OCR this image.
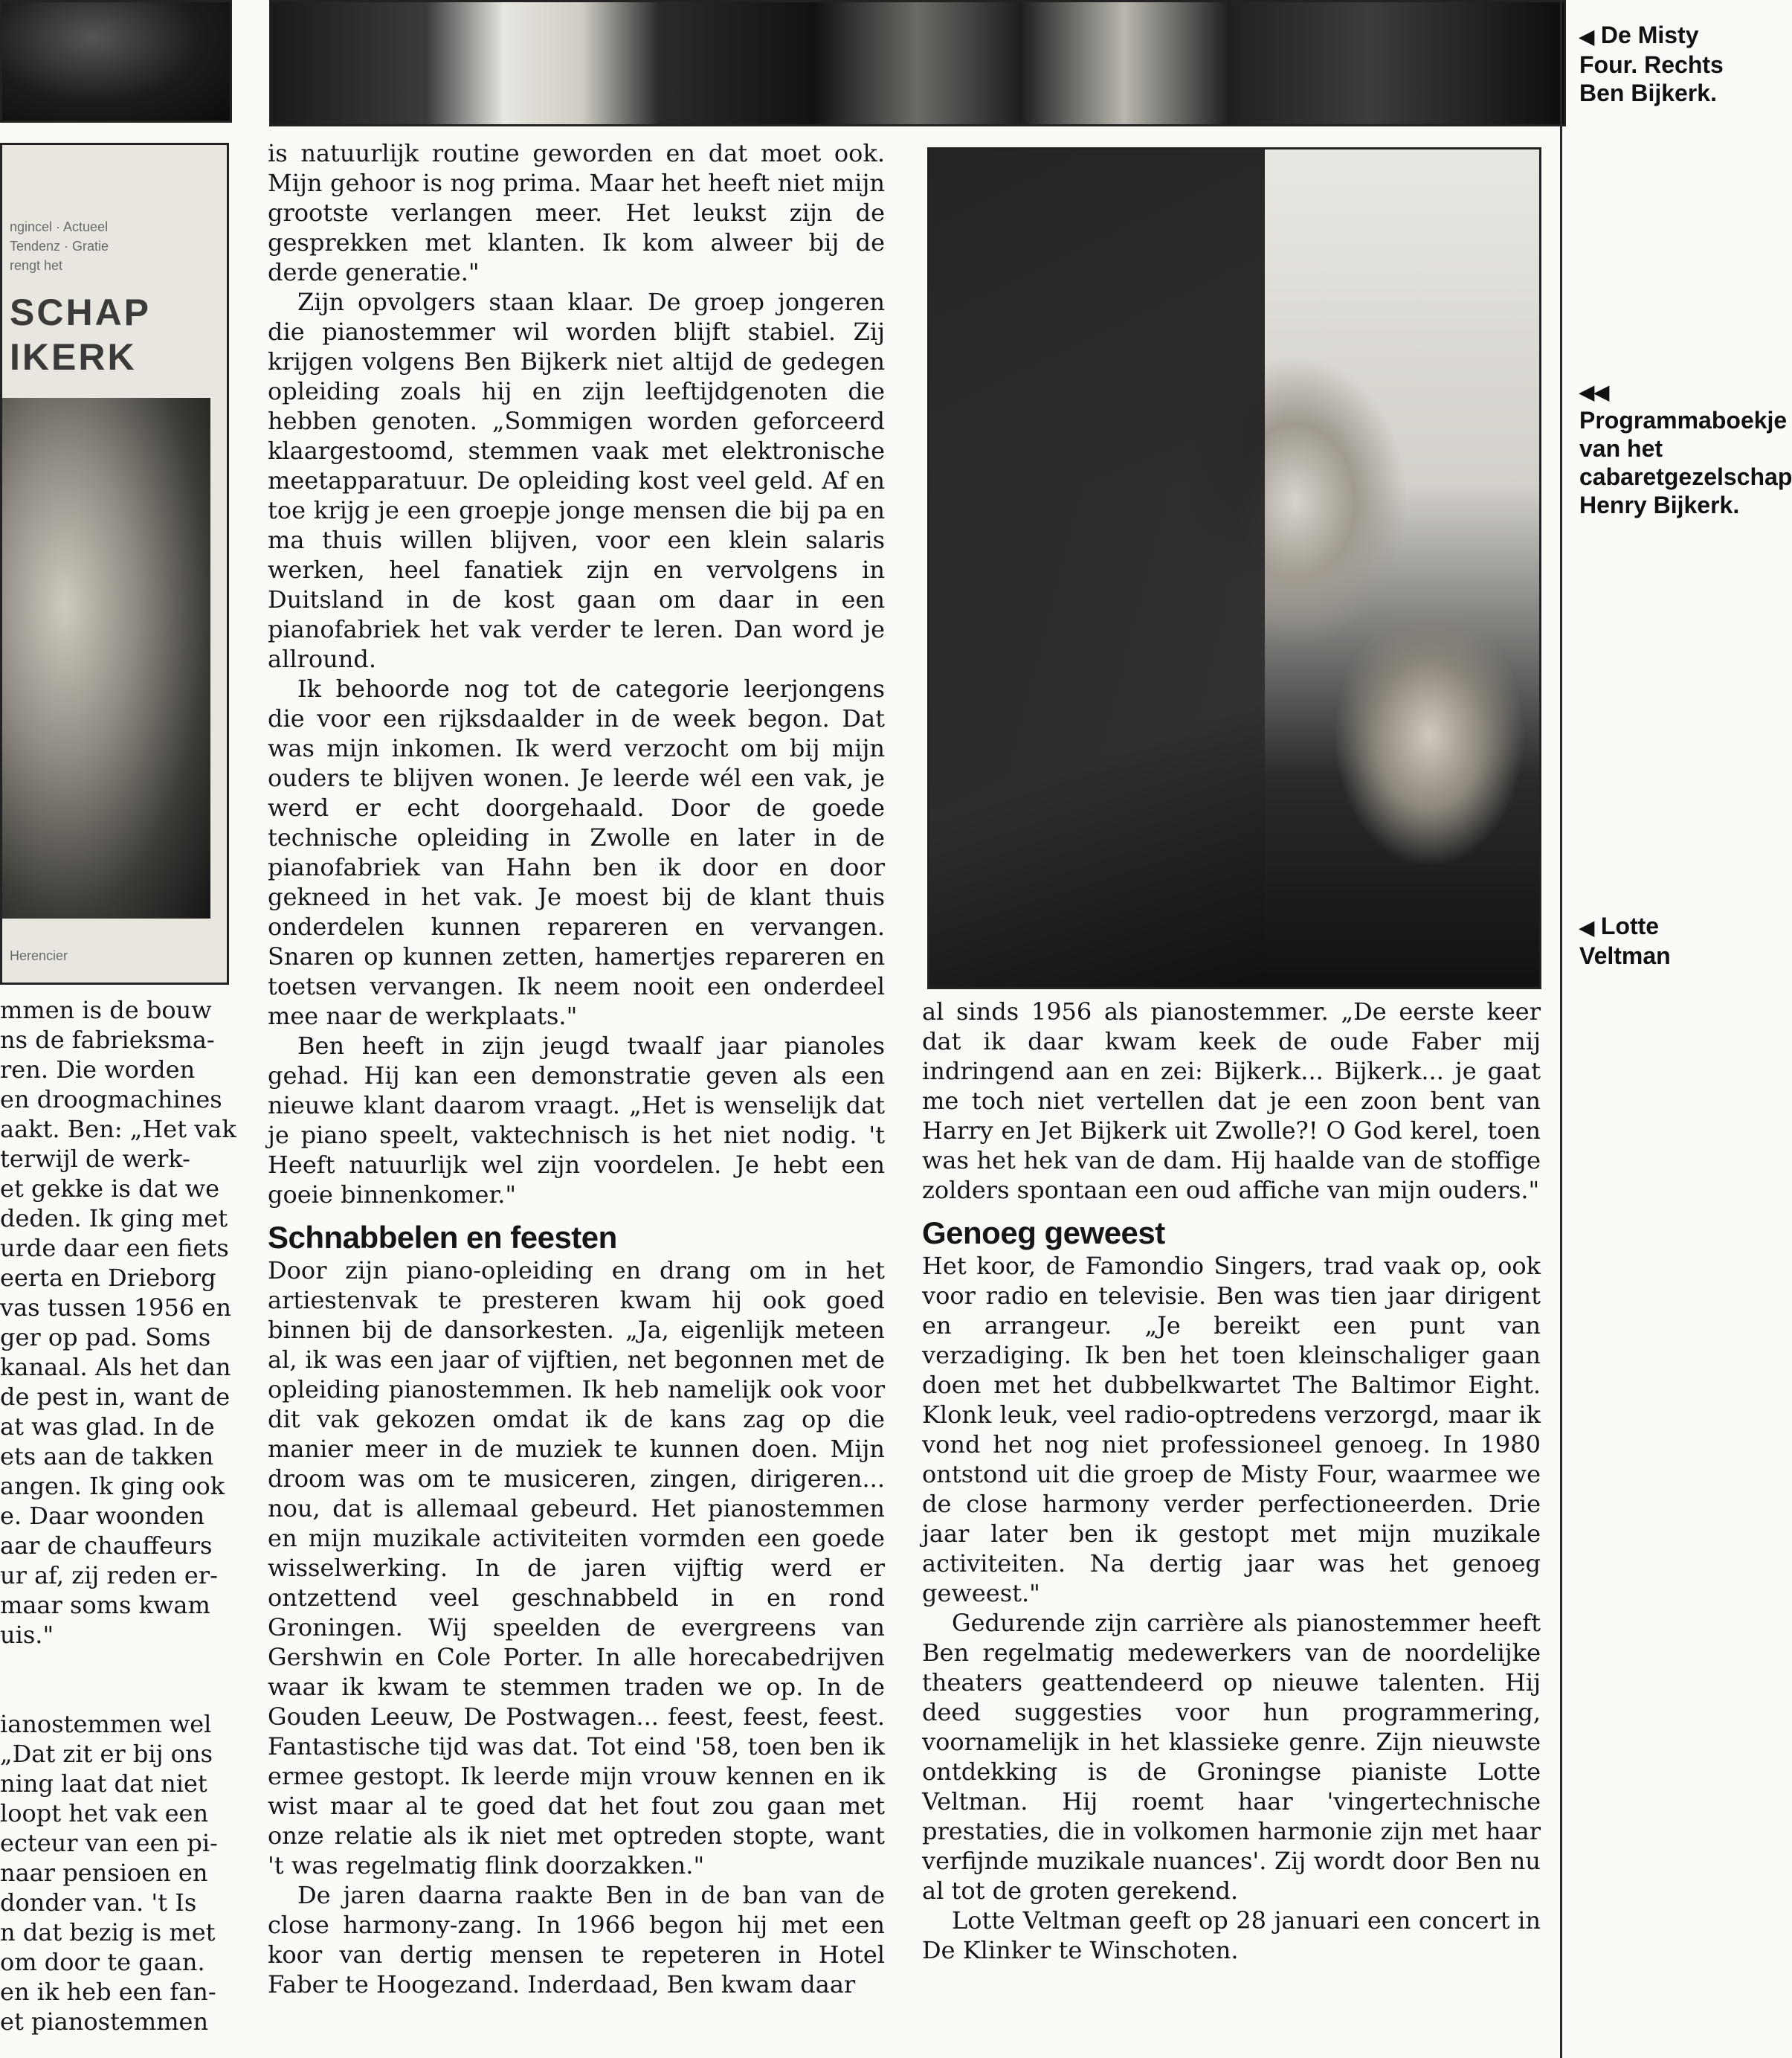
ngincel · Actueel
Tendenz · Gratie
rengt het
SCHAP
IKERK
Herencier
mmen is de bouw
ns de fabrieksma-
ren. Die worden
en droogmachines
aakt. Ben: „Het vak
terwijl de werk-
et gekke is dat we
deden. Ik ging met
urde daar een fiets
eerta en Drieborg
vas tussen 1956 en
ger op pad. Soms
kanaal. Als het dan
de pest in, want de
at was glad. In de
ets aan de takken
angen. Ik ging ook
e. Daar woonden
aar de chauffeurs
ur af, zij reden er-
maar soms kwam
uis."

ianostemmen wel
„Dat zit er bij ons
ning laat dat niet
loopt het vak een
ecteur van een pi-
naar pensioen en
donder van. 't Is
n dat bezig is met
om door te gaan.
en ik heb een fan-
et pianostemmen

is natuurlijk routine geworden en dat moet ook. Mijn gehoor is nog prima. Maar het heeft niet mijn grootste verlangen meer. Het leukst zijn de gesprekken met klanten. Ik kom alweer bij de derde generatie."

Zijn opvolgers staan klaar. De groep jongeren die pianostemmer wil worden blijft stabiel. Zij krijgen volgens Ben Bijkerk niet altijd de gedegen opleiding zoals hij en zijn leeftijdgenoten die hebben genoten. „Sommigen worden geforceerd klaargestoomd, stemmen vaak met elektronische meetapparatuur. De opleiding kost veel geld. Af en toe krijg je een groepje jonge mensen die bij pa en ma thuis willen blijven, voor een klein salaris werken, heel fanatiek zijn en vervolgens in Duitsland in de kost gaan om daar in een pianofabriek het vak verder te leren. Dan word je allround.

Ik behoorde nog tot de categorie leerjongens die voor een rijksdaalder in de week begon. Dat was mijn inkomen. Ik werd verzocht om bij mijn ouders te blijven wonen. Je leerde wél een vak, je werd er echt doorgehaald. Door de goede technische opleiding in Zwolle en later in de pianofabriek van Hahn ben ik door en door gekneed in het vak. Je moest bij de klant thuis onderdelen kunnen repareren en vervangen. Snaren op kunnen zetten, hamertjes repareren en toetsen vervangen. Ik neem nooit een onderdeel mee naar de werkplaats."

Ben heeft in zijn jeugd twaalf jaar pianoles gehad. Hij kan een demonstratie geven als een nieuwe klant daarom vraagt. „Het is wenselijk dat je piano speelt, vaktechnisch is het niet nodig. 't Heeft natuurlijk wel zijn voordelen. Je hebt een goeie binnenkomer."

Schnabbelen en feesten

Door zijn piano-opleiding en drang om in het artiestenvak te presteren kwam hij ook goed binnen bij de dansorkesten. „Ja, eigenlijk meteen al, ik was een jaar of vijftien, net begonnen met de opleiding pianostemmen. Ik heb namelijk ook voor dit vak gekozen omdat ik de kans zag op die manier meer in de muziek te kunnen doen. Mijn droom was om te musiceren, zingen, dirigeren... nou, dat is allemaal gebeurd. Het pianostemmen en mijn muzikale activiteiten vormden een goede wisselwerking. In de jaren vijftig werd er ontzettend veel geschnabbeld in en rond Groningen. Wij speelden de evergreens van Gershwin en Cole Porter. In alle horecabedrijven waar ik kwam te stemmen traden we op. In de Gouden Leeuw, De Postwagen... feest, feest, feest. Fantastische tijd was dat. Tot eind '58, toen ben ik ermee gestopt. Ik leerde mijn vrouw kennen en ik wist maar al te goed dat het fout zou gaan met onze relatie als ik niet met optreden stopte, want 't was regelmatig flink doorzakken."

De jaren daarna raakte Ben in de ban van de close harmony-zang. In 1966 begon hij met een koor van dertig mensen te repeteren in Hotel Faber te Hoogezand. Inderdaad, Ben kwam daar

al sinds 1956 als pianostemmer. „De eerste keer dat ik daar kwam keek de oude Faber mij indringend aan en zei: Bijkerk... Bijkerk... je gaat me toch niet vertellen dat je een zoon bent van Harry en Jet Bijkerk uit Zwolle?! O God kerel, toen was het hek van de dam. Hij haalde van de stoffige zolders spontaan een oud affiche van mijn ouders."

Genoeg geweest

Het koor, de Famondio Singers, trad vaak op, ook voor radio en televisie. Ben was tien jaar dirigent en arrangeur. „Je bereikt een punt van verzadiging. Ik ben het toen kleinschaliger gaan doen met het dubbelkwartet The Baltimor Eight. Klonk leuk, veel radio-optredens verzorgd, maar ik vond het nog niet professioneel genoeg. In 1980 ontstond uit die groep de Misty Four, waarmee we de close harmony verder perfectioneerden. Drie jaar later ben ik gestopt met mijn muzikale activiteiten. Na dertig jaar was het genoeg geweest."

Gedurende zijn carrière als pianostemmer heeft Ben regelmatig medewerkers van de noordelijke theaters geattendeerd op nieuwe talenten. Hij deed suggesties voor hun programmering, voornamelijk in het klassieke genre. Zijn nieuwste ontdekking is de Groningse pianiste Lotte Veltman. Hij roemt haar 'vingertechnische prestaties, die in volkomen harmonie zijn met haar verfijnde muzikale nuances'. Zij wordt door Ben nu al tot de groten gerekend.

Lotte Veltman geeft op 28 januari een concert in De Klinker te Winschoten.

◀ De Misty Four. Rechts Ben Bijkerk.
◀◀
Programmaboekje van het cabaretgezelschap Henry Bijkerk.
◀ Lotte Veltman
